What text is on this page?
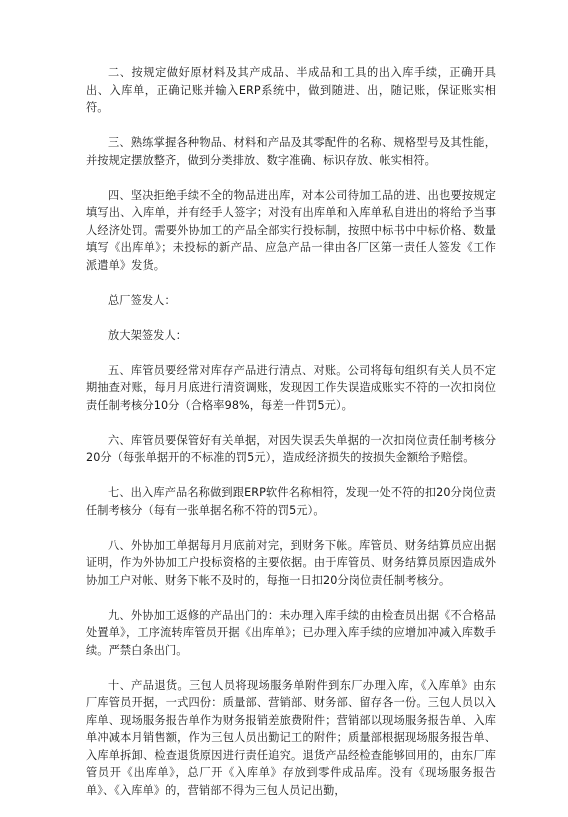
二、按规定做好原材料及其产成品、半成品和工具的出入库手续，正确开具出、入库单，正确记账并输入ERP系统中，做到随进、出，随记账，保证账实相符。

三、熟练掌握各种物品、材料和产品及其零配件的名称、规格型号及其性能，并按规定摆放整齐，做到分类排放、数字准确、标识存放、帐实相符。

四、坚决拒绝手续不全的物品进出库，对本公司待加工品的进、出也要按规定填写出、入库单，并有经手人签字；对没有出库单和入库单私自进出的将给予当事人经济处罚。需要外协加工的产品全部实行投标制，按照中标书中中标价格、数量填写《出库单》；未投标的新产品、应急产品一律由各厂区第一责任人签发《工作派遣单》发货。

总厂签发人：

放大架签发人：

五、库管员要经常对库存产品进行清点、对账。公司将每旬组织有关人员不定期抽查对账，每月月底进行清资调账，发现因工作失误造成账实不符的一次扣岗位责任制考核分10分（合格率98%，每差一件罚5元）。

六、库管员要保管好有关单据，对因失误丢失单据的一次扣岗位责任制考核分20分（每张单据开的不标准的罚5元），造成经济损失的按损失金额给予赔偿。

七、出入库产品名称做到跟ERP软件名称相符，发现一处不符的扣20分岗位责任制考核分（每有一张单据名称不符的罚5元）。

八、外协加工单据每月月底前对完，到财务下帐。库管员、财务结算员应出据证明，作为外协加工户投标资格的主要依据。由于库管员、财务结算员原因造成外协加工户对帐、财务下帐不及时的，每拖一日扣20分岗位责任制考核分。

九、外协加工返修的产品出门的：未办理入库手续的由检查员出据《不合格品处置单》，工序流转库管员开据《出库单》；已办理入库手续的应增加冲减入库数手续。严禁白条出门。

十、产品退货。三包人员将现场服务单附件到东厂办理入库，《入库单》由东厂库管员开据，一式四份：质量部、营销部、财务部、留存各一份。三包人员以入库单、现场服务报告单作为财务报销差旅费附件；营销部以现场服务报告单、入库单冲减本月销售额，作为三包人员出勤记工的附件；质量部根据现场服务报告单、入库单拆卸、检查退货原因进行责任追究。退货产品经检查能够回用的，由东厂库管员开《出库单》，总厂开《入库单》存放到零件成品库。没有《现场服务报告单》、《入库单》的，营销部不得为三包人员记出勤，
